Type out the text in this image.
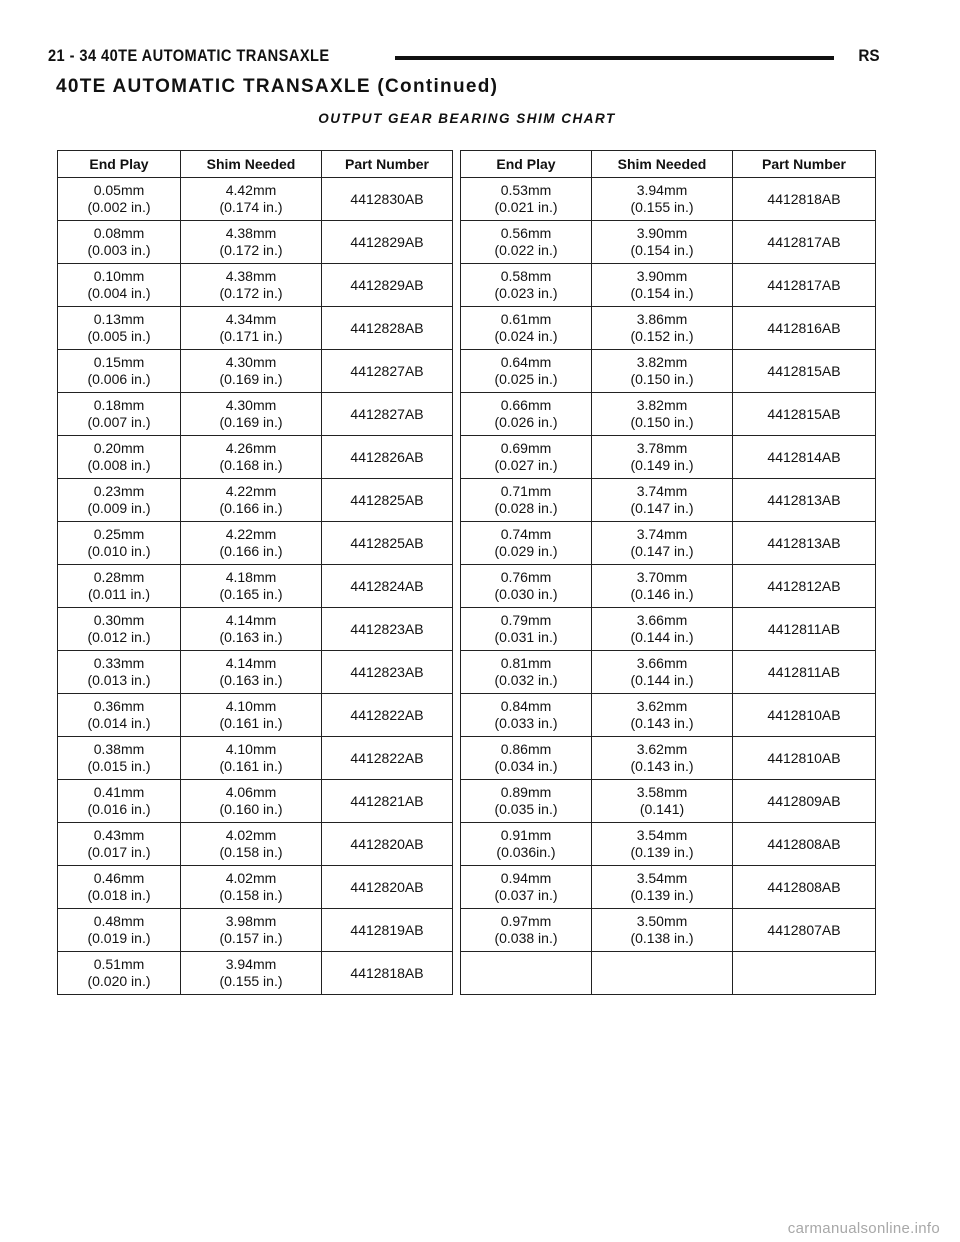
21 - 34 40TE AUTOMATIC TRANSAXLE	RS
40TE AUTOMATIC TRANSAXLE (Continued)
OUTPUT GEAR BEARING SHIM CHART
End Play	Shim Needed	Part Number		End Play	Shim Needed	Part Number

0.05mm
(0.002 in.)	4.42mm
(0.174 in.)	4412830AB		0.53mm
(0.021 in.)	3.94mm
(0.155 in.)	4412818AB

0.08mm
(0.003 in.)	4.38mm
(0.172 in.)	4412829AB		0.56mm
(0.022 in.)	3.90mm
(0.154 in.)	4412817AB

0.10mm
(0.004 in.)	4.38mm
(0.172 in.)	4412829AB		0.58mm
(0.023 in.)	3.90mm
(0.154 in.)	4412817AB

0.13mm
(0.005 in.)	4.34mm
(0.171 in.)	4412828AB		0.61mm
(0.024 in.)	3.86mm
(0.152 in.)	4412816AB

0.15mm
(0.006 in.)	4.30mm
(0.169 in.)	4412827AB		0.64mm
(0.025 in.)	3.82mm
(0.150 in.)	4412815AB

0.18mm
(0.007 in.)	4.30mm
(0.169 in.)	4412827AB		0.66mm
(0.026 in.)	3.82mm
(0.150 in.)	4412815AB

0.20mm
(0.008 in.)	4.26mm
(0.168 in.)	4412826AB		0.69mm
(0.027 in.)	3.78mm
(0.149 in.)	4412814AB

0.23mm
(0.009 in.)	4.22mm
(0.166 in.)	4412825AB		0.71mm
(0.028 in.)	3.74mm
(0.147 in.)	4412813AB

0.25mm
(0.010 in.)	4.22mm
(0.166 in.)	4412825AB		0.74mm
(0.029 in.)	3.74mm
(0.147 in.)	4412813AB

0.28mm
(0.011 in.)	4.18mm
(0.165 in.)	4412824AB		0.76mm
(0.030 in.)	3.70mm
(0.146 in.)	4412812AB

0.30mm
(0.012 in.)	4.14mm
(0.163 in.)	4412823AB		0.79mm
(0.031 in.)	3.66mm
(0.144 in.)	4412811AB

0.33mm
(0.013 in.)	4.14mm
(0.163 in.)	4412823AB		0.81mm
(0.032 in.)	3.66mm
(0.144 in.)	4412811AB

0.36mm
(0.014 in.)	4.10mm
(0.161 in.)	4412822AB		0.84mm
(0.033 in.)	3.62mm
(0.143 in.)	4412810AB

0.38mm
(0.015 in.)	4.10mm
(0.161 in.)	4412822AB		0.86mm
(0.034 in.)	3.62mm
(0.143 in.)	4412810AB

0.41mm
(0.016 in.)	4.06mm
(0.160 in.)	4412821AB		0.89mm
(0.035 in.)	3.58mm
(0.141)	4412809AB

0.43mm
(0.017 in.)	4.02mm
(0.158 in.)	4412820AB		0.91mm
(0.036in.)	3.54mm
(0.139 in.)	4412808AB

0.46mm
(0.018 in.)	4.02mm
(0.158 in.)	4412820AB		0.94mm
(0.037 in.)	3.54mm
(0.139 in.)	4412808AB

0.48mm
(0.019 in.)	3.98mm
(0.157 in.)	4412819AB		0.97mm
(0.038 in.)	3.50mm
(0.138 in.)	4412807AB

0.51mm
(0.020 in.)	3.94mm
(0.155 in.)	4412818AB		

carmanualsonline.info
